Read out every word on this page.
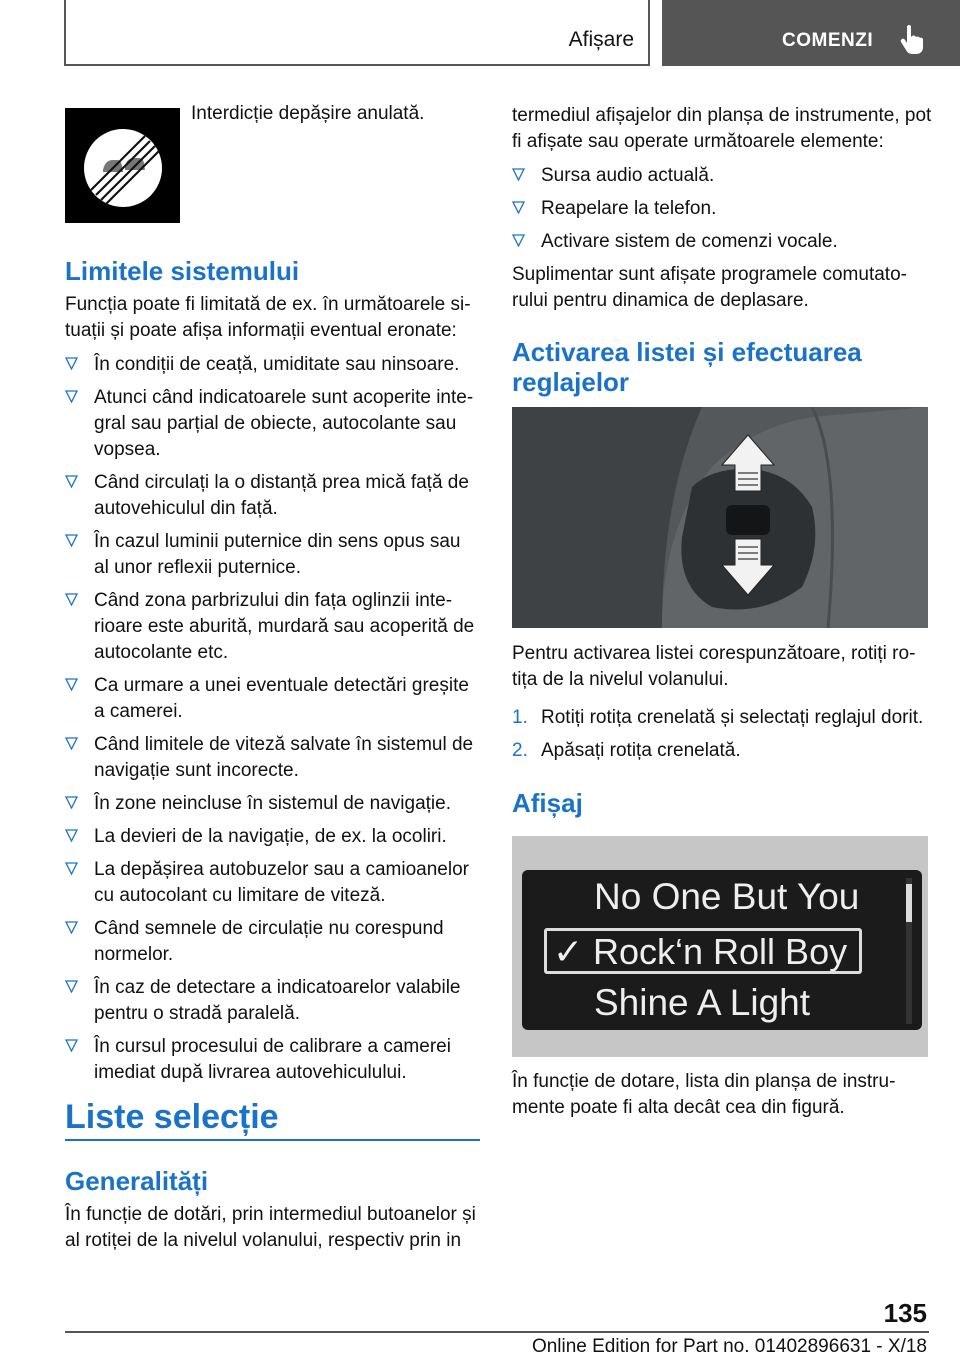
Afișare	COMENZI
Interdicție depășire anulată.
Limitele sistemului

Funcția poate fi limitată de ex. în următoarele situații și poate afișa informații eventual eronate:

În condiții de ceață, umiditate sau ninsoare.
Atunci când indicatoarele sunt acoperite integral sau parțial de obiecte, autocolante sau vopsea.
Când circulați la o distanță prea mică față de autovehiculul din față.
În cazul luminii puternice din sens opus sau al unor reflexii puternice.
Când zona parbrizului din fața oglinzii interioare este aburită, murdară sau acoperită de autocolante etc.
Ca urmare a unei eventuale detectări greșite a camerei.
Când limitele de viteză salvate în sistemul de navigație sunt incorecte.
În zone neincluse în sistemul de navigație.
La devieri de la navigație, de ex. la ocoliri.
La depășirea autobuzelor sau a camioanelor cu autocolant cu limitare de viteză.
Când semnele de circulație nu corespund normelor.
În caz de detectare a indicatoarelor valabile pentru o stradă paralelă.
În cursul procesului de calibrare a camerei imediat după livrarea autovehiculului.
Liste selecție
Generalități

În funcție de dotări, prin intermediul butoanelor și al rotiței de la nivelul volanului, respectiv prin in

termediul afișajelor din planșa de instrumente, pot fi afișate sau operate următoarele elemente:

Sursa audio actuală.
Reapelare la telefon.
Activare sistem de comenzi vocale.

Suplimentar sunt afișate programele comutatorului pentru dinamica de deplasare.

Activarea listei și efectuarea reglajelor

Pentru activarea listei corespunzătoare, rotiți rotița de la nivelul volanului.

1. Rotiți rotița crenelată și selectați reglajul dorit.
2. Apăsați rotița crenelată.
Afișaj
No One But You
✓ Rock‘n Roll Boy
Shine A Light

În funcție de dotare, lista din planșa de instrumente poate fi alta decât cea din figură.

135
Online Edition for Part no. 01402896631 - X/18
